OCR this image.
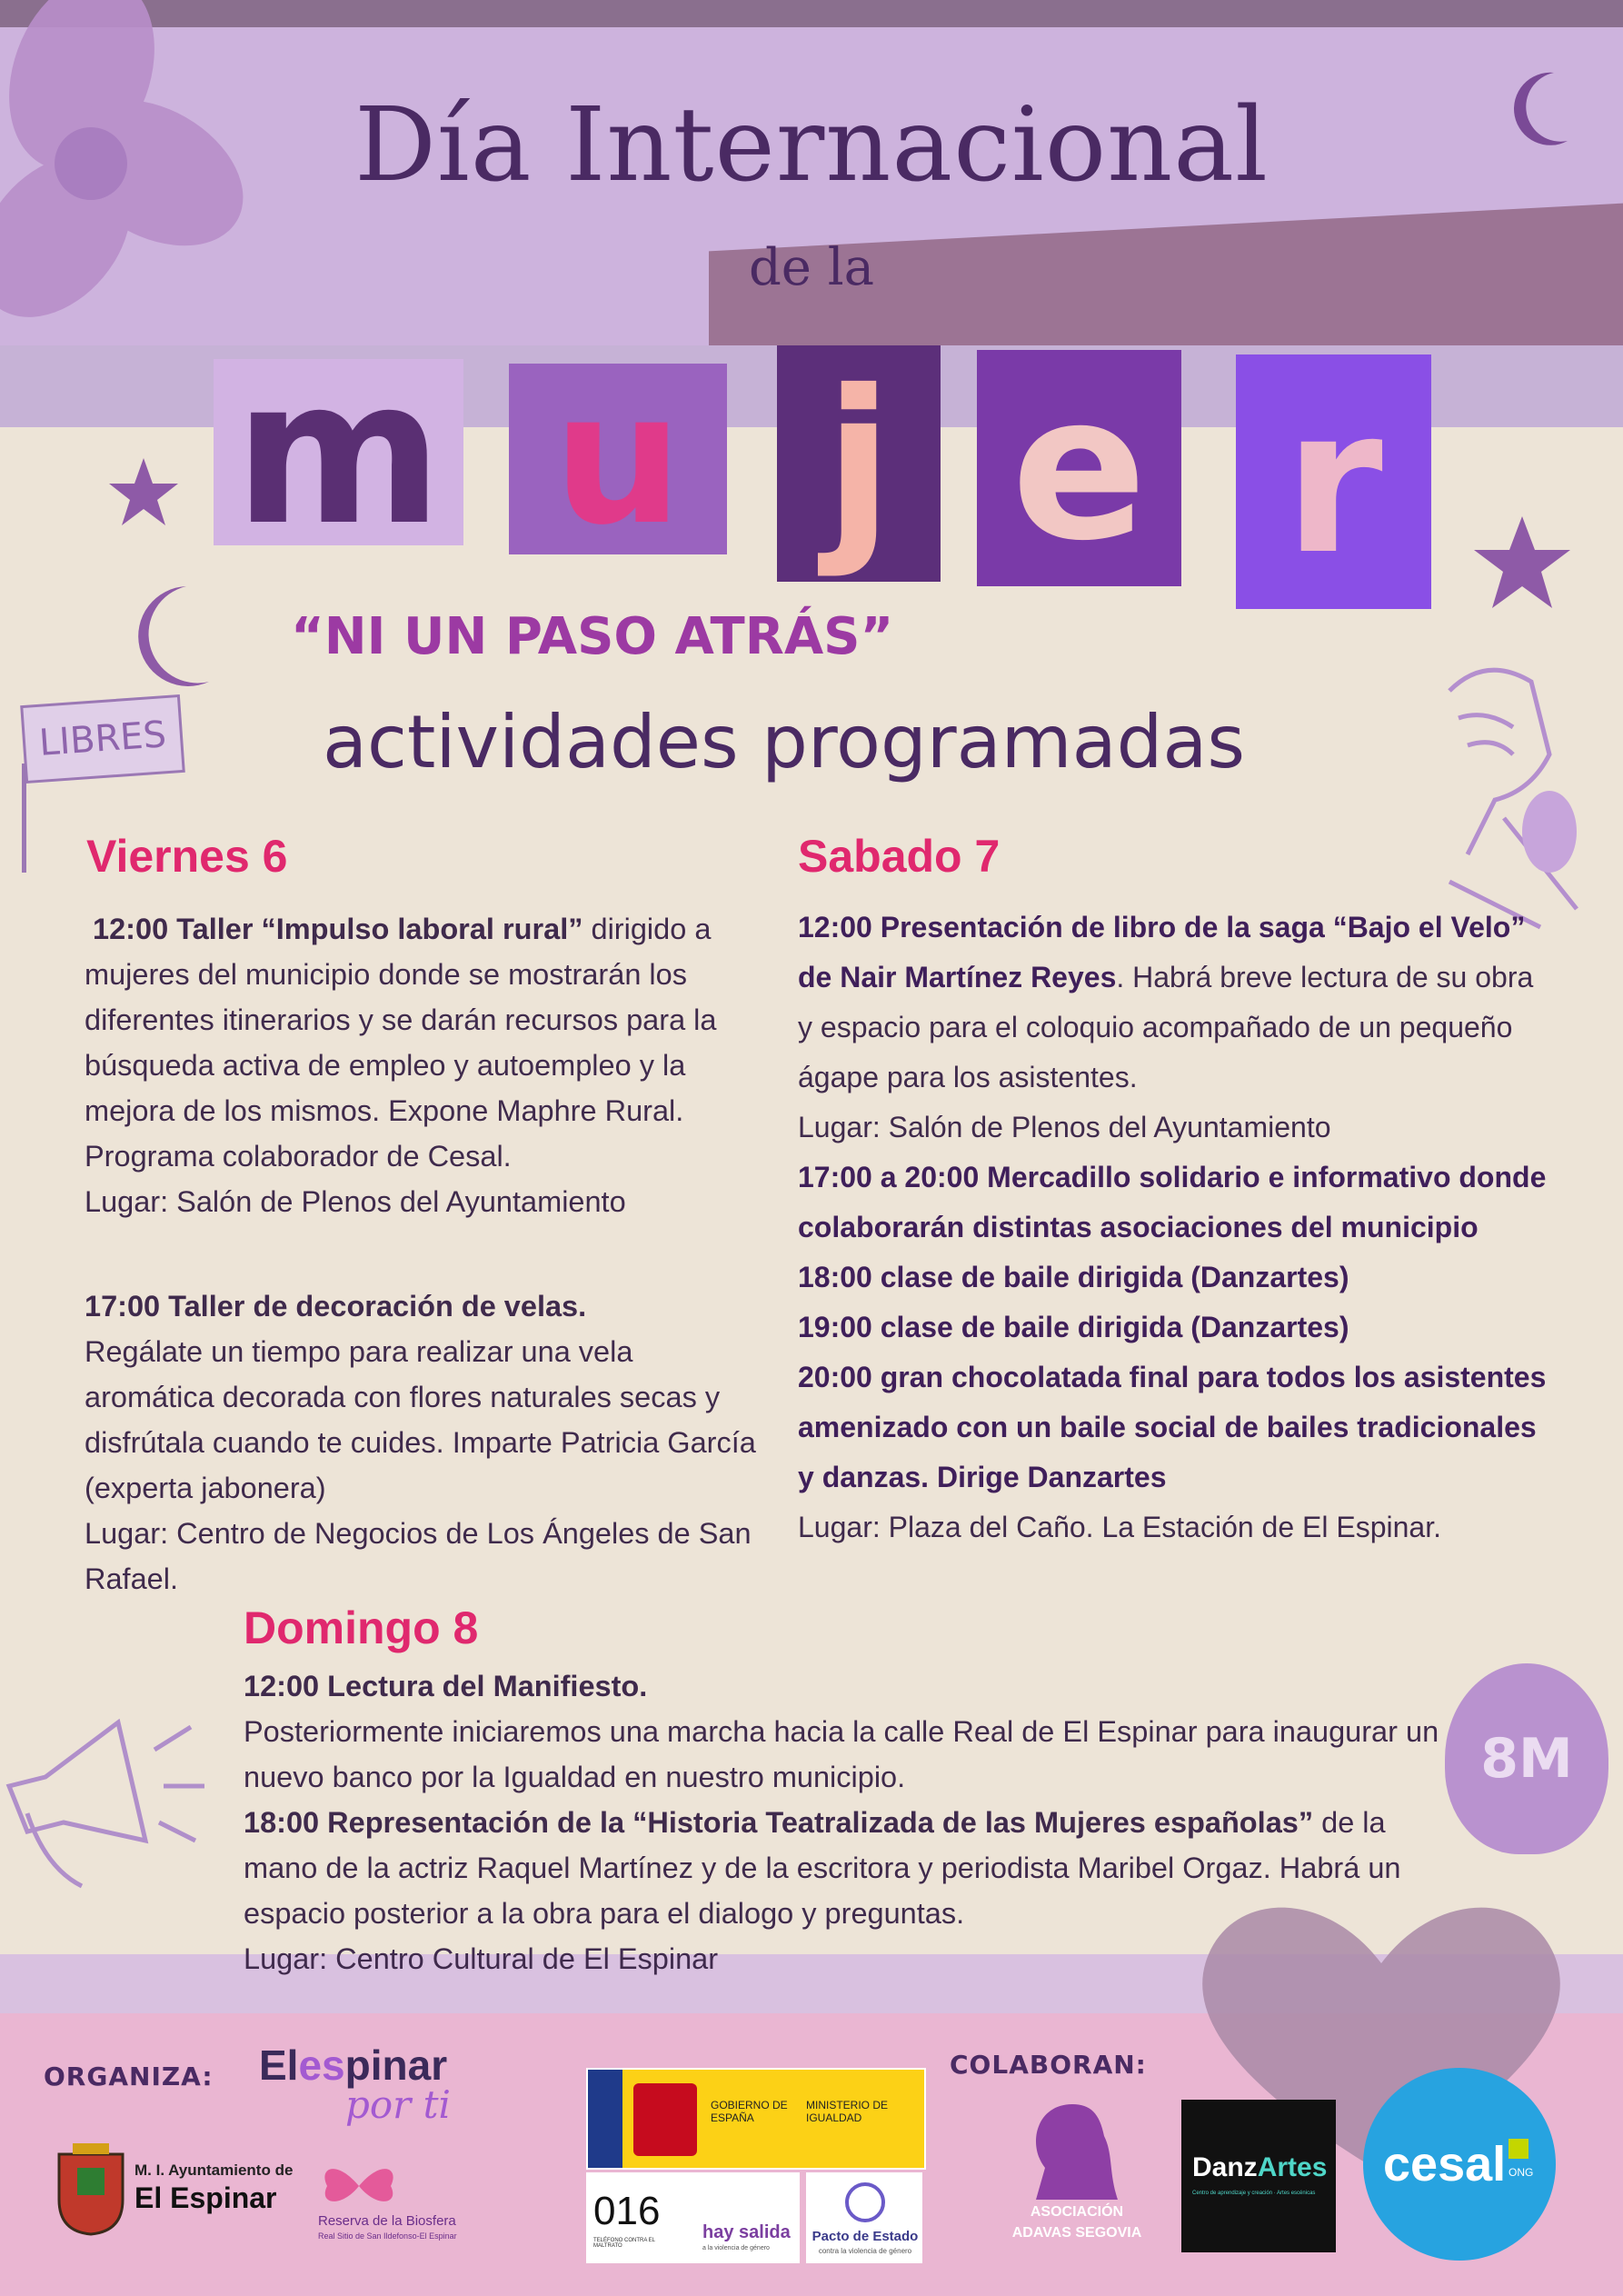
Día Internacional
de la
m u j e r
“NI UN PASO ATRÁS”
actividades programadas
LIBRES
Viernes 6
12:00 Taller “Impulso laboral rural” dirigido a mujeres del municipio donde se mostrarán los diferentes itinerarios y se darán recursos para la búsqueda activa de empleo y autoempleo y la mejora de los mismos. Expone Maphre Rural. Programa colaborador de Cesal.
Lugar: Salón de Plenos del Ayuntamiento
17:00 Taller de decoración de velas.
Regálate un tiempo para realizar una vela aromática decorada con flores naturales secas y disfrútala cuando te cuides. Imparte Patricia García (experta jabonera)
Lugar: Centro de Negocios de Los Ángeles de San Rafael.
Sabado 7
12:00 Presentación de libro de la saga “Bajo el Velo” de Nair Martínez Reyes. Habrá breve lectura de su obra y espacio para el coloquio acompañado de un pequeño ágape para los asistentes.
Lugar: Salón de Plenos del Ayuntamiento
17:00 a 20:00 Mercadillo solidario e informativo donde colaborarán distintas asociaciones del municipio
18:00 clase de baile dirigida (Danzartes)
19:00 clase de baile dirigida (Danzartes)
20:00 gran chocolatada final para todos los asistentes amenizado con un baile social de bailes tradicionales y danzas. Dirige Danzartes
Lugar: Plaza del Caño. La Estación de El Espinar.
Domingo 8
12:00 Lectura del Manifiesto.
Posteriormente iniciaremos una marcha hacia la calle Real de El Espinar para inaugurar un nuevo banco por la Igualdad en nuestro municipio.
18:00 Representación de la “Historia Teatralizada de las Mujeres españolas” de la mano de la actriz Raquel Martínez y de la escritora y periodista Maribel Orgaz. Habrá un espacio posterior a la obra para el dialogo y preguntas.
Lugar: Centro Cultural de El Espinar
8M
ORGANIZA:	COLABORAN:
Elespinar
por ti
M. I. Ayuntamiento de
El Espinar
Reserva de la Biosfera
Real Sitio de San Ildefonso-El Espinar
GOBIERNO DE ESPAÑA
MINISTERIO DE IGUALDAD
016
TELÉFONO CONTRA EL MALTRATO
hay salida
a la violencia de género
Pacto de Estado
contra la violencia de género
ASOCIACIÓN
ADAVAS SEGOVIA
DanzArtes
Centro de aprendizaje y creación · Artes escénicas
cesal ONG
